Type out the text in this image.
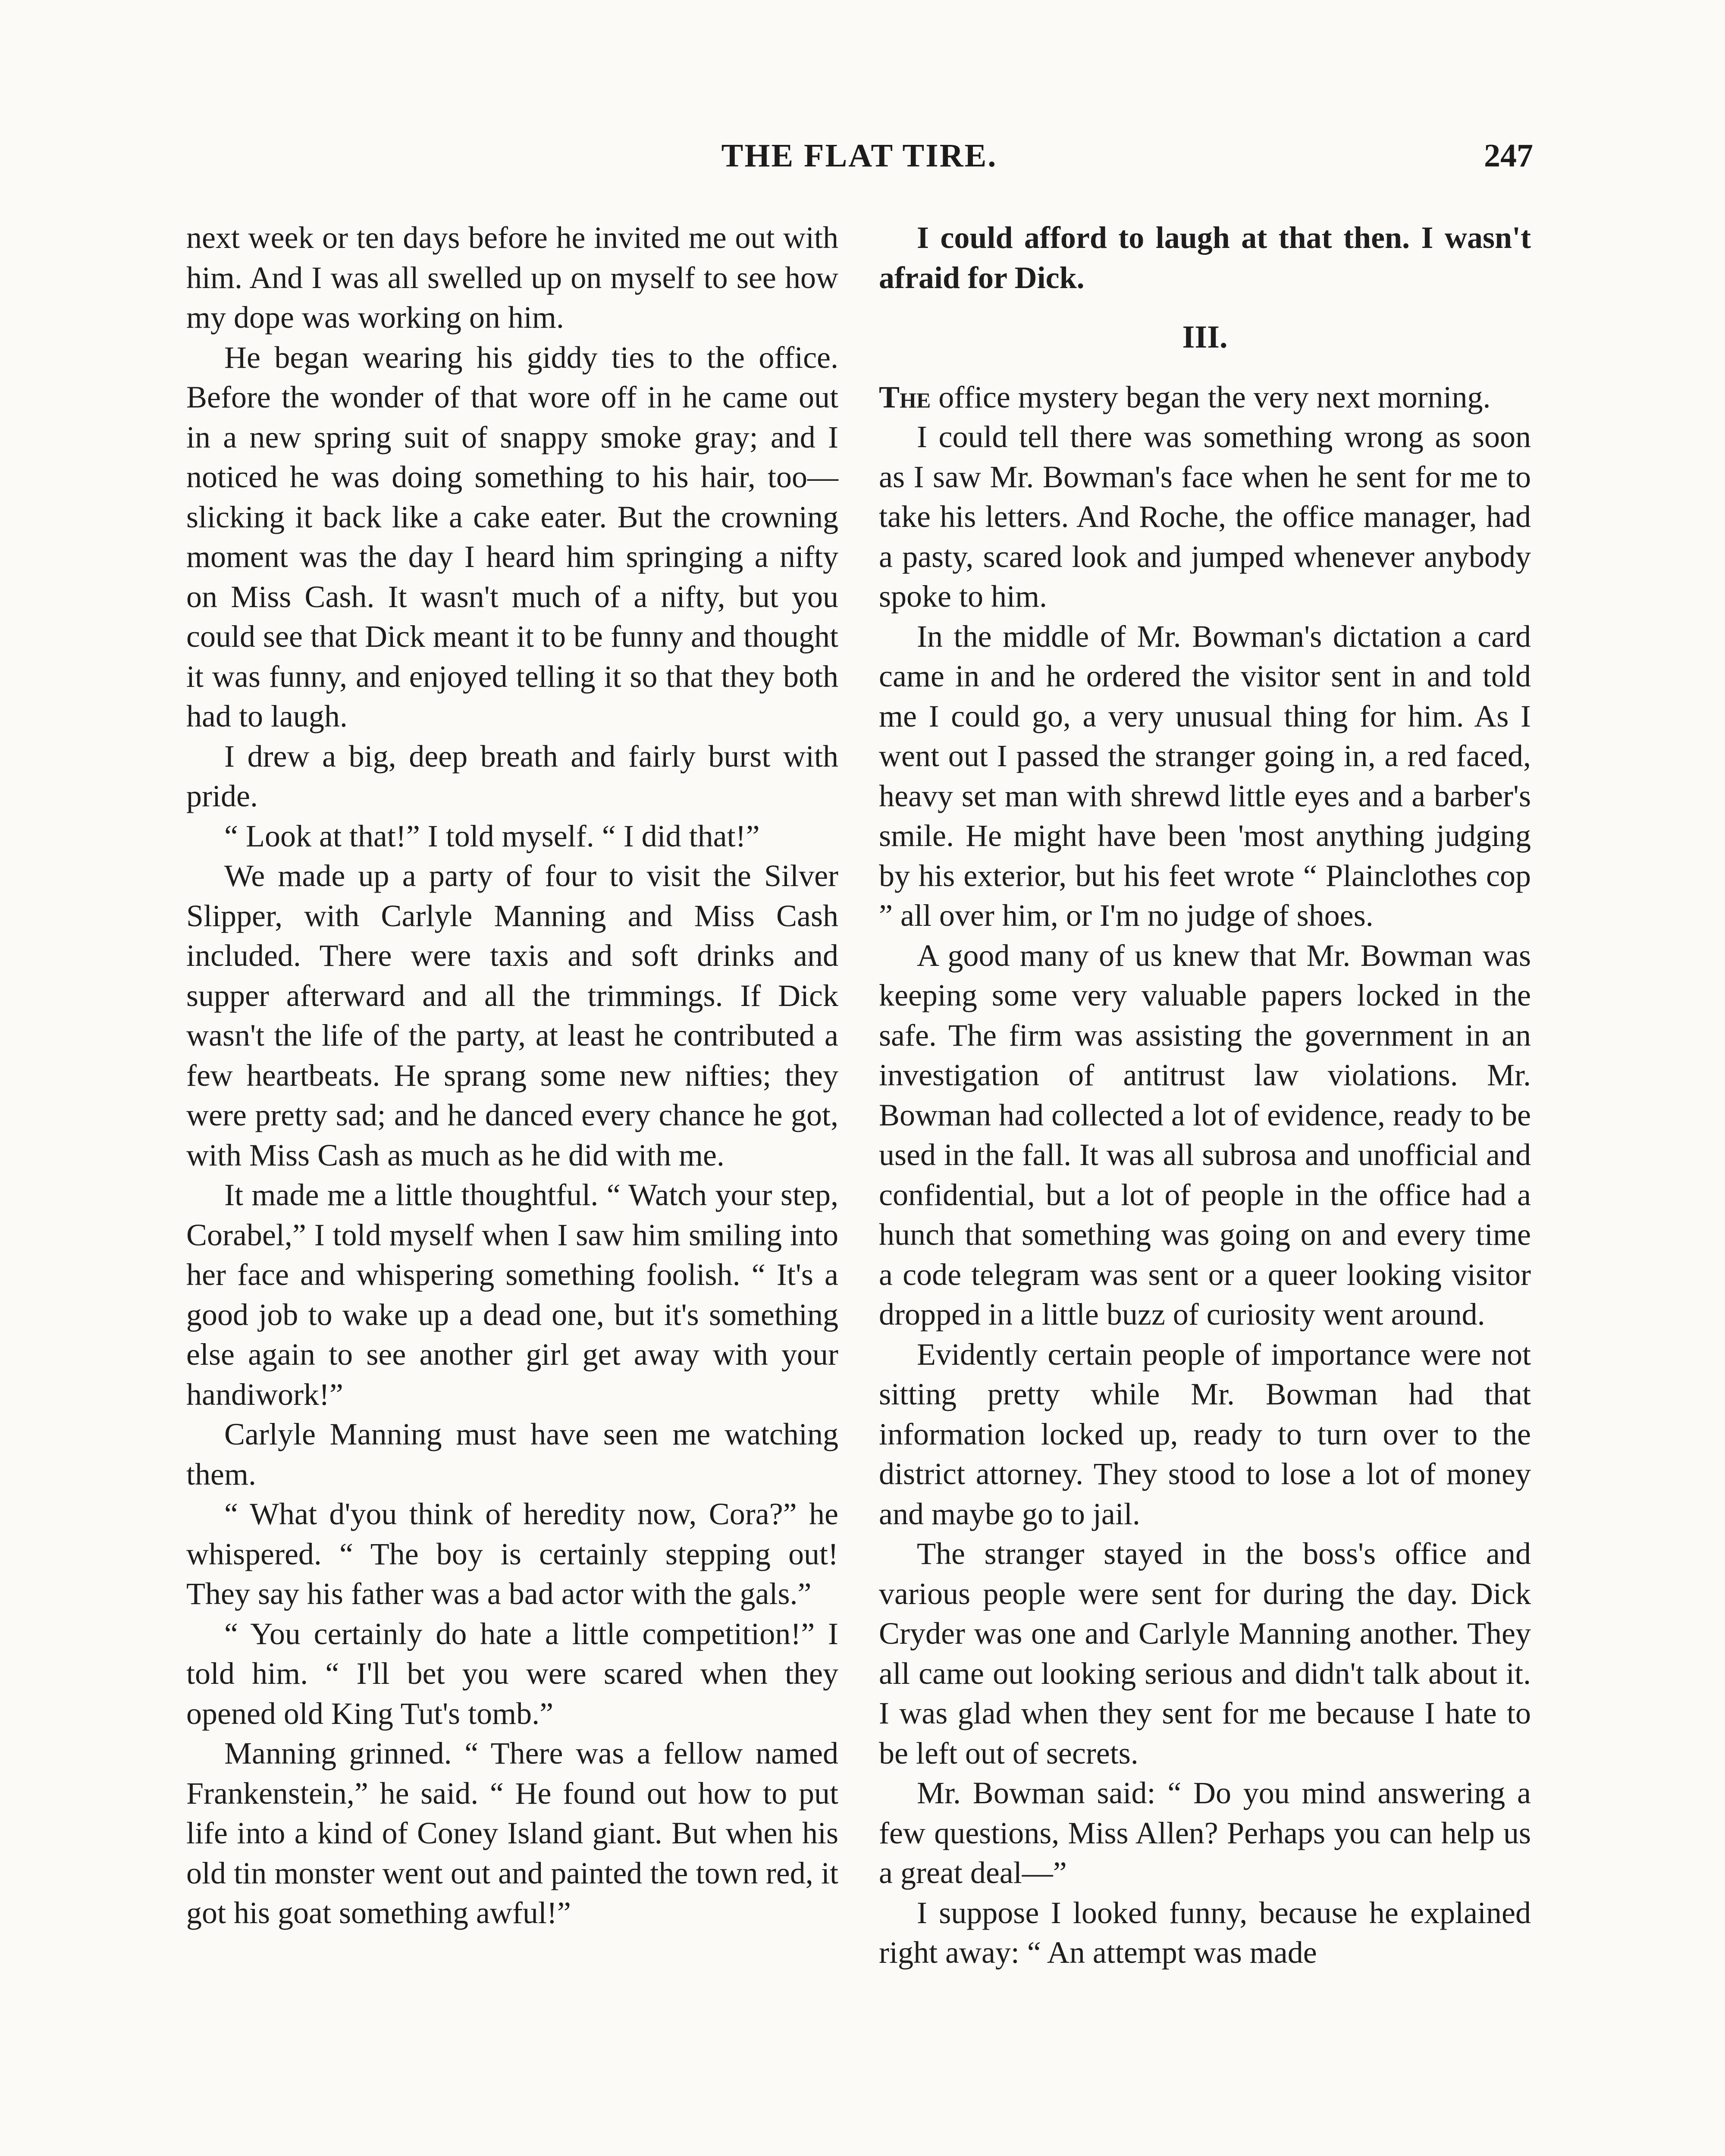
THE FLAT TIRE.	247

next week or ten days before he invited me out with him. And I was all swelled up on myself to see how my dope was working on him.

He began wearing his giddy ties to the office. Before the wonder of that wore off in he came out in a new spring suit of snappy smoke gray; and I noticed he was doing something to his hair, too—slicking it back like a cake eater. But the crowning moment was the day I heard him springing a nifty on Miss Cash. It wasn't much of a nifty, but you could see that Dick meant it to be funny and thought it was funny, and enjoyed telling it so that they both had to laugh.

I drew a big, deep breath and fairly burst with pride.

“ Look at that!” I told myself. “ I did that!”

We made up a party of four to visit the Silver Slipper, with Carlyle Manning and Miss Cash included. There were taxis and soft drinks and supper afterward and all the trimmings. If Dick wasn't the life of the party, at least he contributed a few heartbeats. He sprang some new nifties; they were pretty sad; and he danced every chance he got, with Miss Cash as much as he did with me.

It made me a little thoughtful. “ Watch your step, Corabel,” I told myself when I saw him smiling into her face and whispering something foolish. “ It's a good job to wake up a dead one, but it's something else again to see another girl get away with your handiwork!”

Carlyle Manning must have seen me watching them.

“ What d'you think of heredity now, Cora?” he whispered. “ The boy is certainly stepping out! They say his father was a bad actor with the gals.”

“ You certainly do hate a little competition!” I told him. “ I'll bet you were scared when they opened old King Tut's tomb.”

Manning grinned. “ There was a fellow named Frankenstein,” he said. “ He found out how to put life into a kind of Coney Island giant. But when his old tin monster went out and painted the town red, it got his goat something awful!”

I could afford to laugh at that then. I wasn't afraid for Dick.

III.

The office mystery began the very next morning.

I could tell there was something wrong as soon as I saw Mr. Bowman's face when he sent for me to take his letters. And Roche, the office manager, had a pasty, scared look and jumped whenever anybody spoke to him.

In the middle of Mr. Bowman's dictation a card came in and he ordered the visitor sent in and told me I could go, a very unusual thing for him. As I went out I passed the stranger going in, a red faced, heavy set man with shrewd little eyes and a barber's smile. He might have been 'most anything judging by his exterior, but his feet wrote “ Plainclothes cop ” all over him, or I'm no judge of shoes.

A good many of us knew that Mr. Bowman was keeping some very valuable papers locked in the safe. The firm was assisting the government in an investigation of antitrust law violations. Mr. Bowman had collected a lot of evidence, ready to be used in the fall. It was all subrosa and unofficial and confidential, but a lot of people in the office had a hunch that something was going on and every time a code telegram was sent or a queer looking visitor dropped in a little buzz of curiosity went around.

Evidently certain people of importance were not sitting pretty while Mr. Bowman had that information locked up, ready to turn over to the district attorney. They stood to lose a lot of money and maybe go to jail.

The stranger stayed in the boss's office and various people were sent for during the day. Dick Cryder was one and Carlyle Manning another. They all came out looking serious and didn't talk about it. I was glad when they sent for me because I hate to be left out of secrets.

Mr. Bowman said: “ Do you mind answering a few questions, Miss Allen? Perhaps you can help us a great deal—”

I suppose I looked funny, because he explained right away: “ An attempt was made
